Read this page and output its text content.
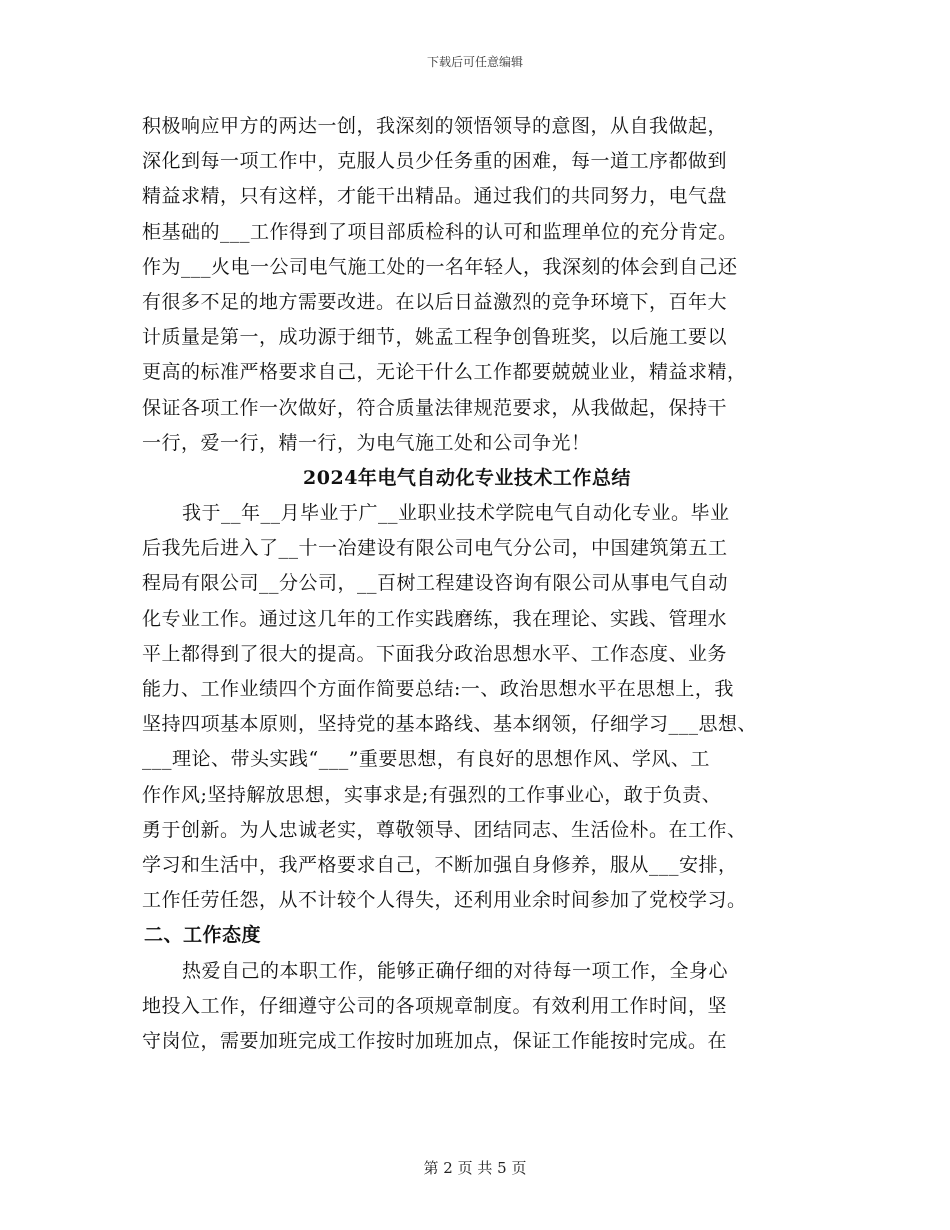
下载后可任意编辑
积极响应甲方的两达一创，我深刻的领悟领导的意图，从自我做起，
深化到每一项工作中，克服人员少任务重的困难，每一道工序都做到
精益求精，只有这样，才能干出精品。通过我们的共同努力，电气盘
柜基础的___工作得到了项目部质检科的认可和监理单位的充分肯定。
作为___火电一公司电气施工处的一名年轻人，我深刻的体会到自己还
有很多不足的地方需要改进。在以后日益激烈的竞争环境下，百年大
计质量是第一，成功源于细节，姚孟工程争创鲁班奖，以后施工要以
更高的标准严格要求自己，无论干什么工作都要兢兢业业，精益求精，
保证各项工作一次做好，符合质量法律规范要求，从我做起，保持干
一行，爱一行，精一行，为电气施工处和公司争光！
2024年电气自动化专业技术工作总结
我于__年__月毕业于广__业职业技术学院电气自动化专业。毕业
后我先后进入了__十一冶建设有限公司电气分公司，中国建筑第五工
程局有限公司__分公司，__百树工程建设咨询有限公司从事电气自动
化专业工作。通过这几年的工作实践磨练，我在理论、实践、管理水
平上都得到了很大的提高。下面我分政治思想水平、工作态度、业务
能力、工作业绩四个方面作简要总结:一、政治思想水平在思想上，我
坚持四项基本原则，坚持党的基本路线、基本纲领，仔细学习___思想、
___理论、带头实践“___”重要思想，有良好的思想作风、学风、工
作作风;坚持解放思想，实事求是;有强烈的工作事业心，敢于负责、
勇于创新。为人忠诚老实，尊敬领导、团结同志、生活俭朴。在工作、
学习和生活中，我严格要求自己，不断加强自身修养，服从___安排，
工作任劳任怨，从不计较个人得失，还利用业余时间参加了党校学习。
二、工作态度
热爱自己的本职工作，能够正确仔细的对待每一项工作，全身心
地投入工作，仔细遵守公司的各项规章制度。有效利用工作时间，坚
守岗位，需要加班完成工作按时加班加点，保证工作能按时完成。在
第 2 页 共 5 页
